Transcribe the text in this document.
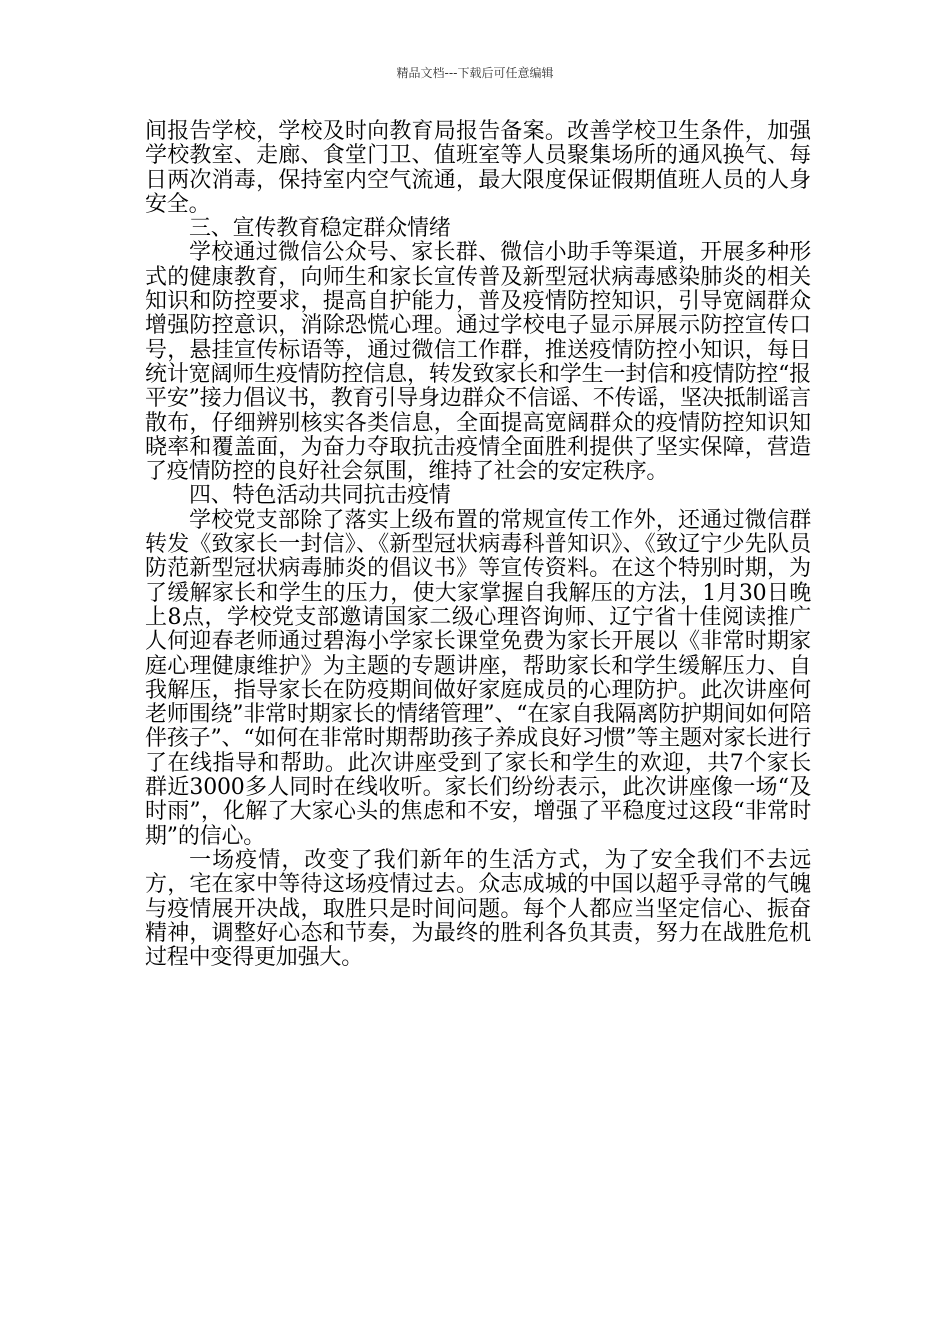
精品文档---下载后可任意编辑

间报告学校，学校及时向教育局报告备案。改善学校卫生条件，加强学校教室、走廊、食堂门卫、值班室等人员聚集场所的通风换气、每日两次消毒，保持室内空气流通，最大限度保证假期值班人员的人身安全。

三、宣传教育稳定群众情绪

学校通过微信公众号、家长群、微信小助手等渠道，开展多种形式的健康教育，向师生和家长宣传普及新型冠状病毒感染肺炎的相关知识和防控要求，提高自护能力，普及疫情防控知识，引导宽阔群众增强防控意识，消除恐慌心理。通过学校电子显示屏展示防控宣传口号，悬挂宣传标语等，通过微信工作群，推送疫情防控小知识，每日统计宽阔师生疫情防控信息，转发致家长和学生一封信和疫情防控“报平安”接力倡议书，教育引导身边群众不信谣、不传谣，坚决抵制谣言散布，仔细辨别核实各类信息，全面提高宽阔群众的疫情防控知识知晓率和覆盖面，为奋力夺取抗击疫情全面胜利提供了坚实保障，营造了疫情防控的良好社会氛围，维持了社会的安定秩序。

四、特色活动共同抗击疫情

学校党支部除了落实上级布置的常规宣传工作外，还通过微信群转发《致家长一封信》、《新型冠状病毒科普知识》、《致辽宁少先队员防范新型冠状病毒肺炎的倡议书》等宣传资料。在这个特别时期，为了缓解家长和学生的压力，使大家掌握自我解压的方法，1月30日晚上8点，学校党支部邀请国家二级心理咨询师、辽宁省十佳阅读推广人何迎春老师通过碧海小学家长课堂免费为家长开展以《非常时期家庭心理健康维护》为主题的专题讲座，帮助家长和学生缓解压力、自我解压，指导家长在防疫期间做好家庭成员的心理防护。此次讲座何老师围绕”非常时期家长的情绪管理”、“在家自我隔离防护期间如何陪伴孩子”、“如何在非常时期帮助孩子养成良好习惯”等主题对家长进行了在线指导和帮助。此次讲座受到了家长和学生的欢迎，共7个家长群近3000多人同时在线收听。家长们纷纷表示，此次讲座像一场“及时雨”，化解了大家心头的焦虑和不安，增强了平稳度过这段“非常时期”的信心。

一场疫情，改变了我们新年的生活方式，为了安全我们不去远方，宅在家中等待这场疫情过去。众志成城的中国以超乎寻常的气魄与疫情展开决战，取胜只是时间问题。每个人都应当坚定信心、振奋精神，调整好心态和节奏，为最终的胜利各负其责，努力在战胜危机过程中变得更加强大。
